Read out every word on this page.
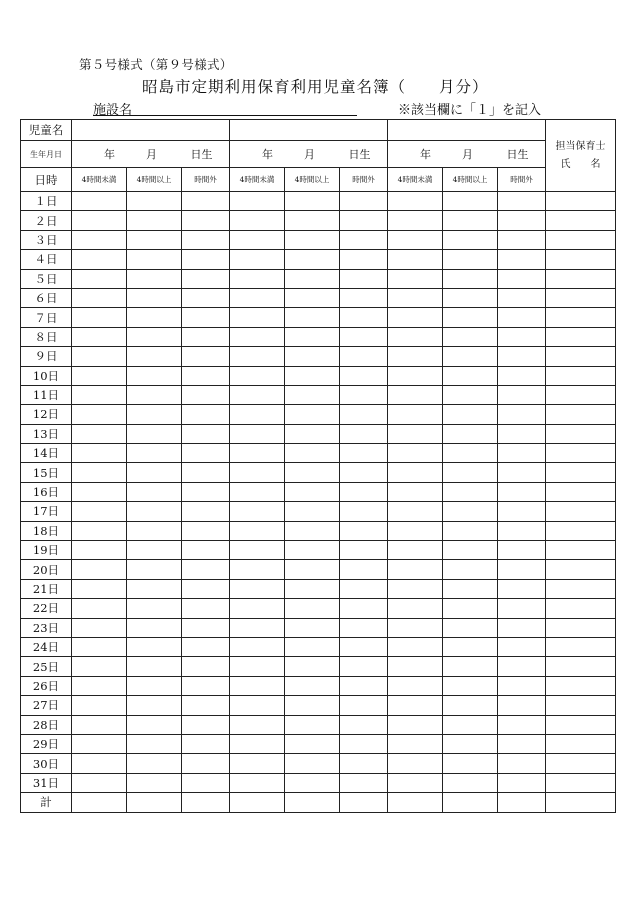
第５号様式（第９号様式）
昭島市定期利用保育利用児童名簿（　　月分）
施設名	※該当欄に「１」を記入
児童名										担当保育士
氏　　名

生年月日	年 月 日生			年 月 日生			年 月 日生			
日時	4時間未満	4時間以上	時間外	4時間未満	4時間以上	時間外	4時間未満	4時間以上	時間外	
１日										
２日										
３日										
４日										
５日										
６日										
７日										
８日										
９日										
10日										
11日										
12日										
13日										
14日										
15日										
16日										
17日										
18日										
19日										
20日										
21日										
22日										
23日										
24日										
25日										
26日										
27日										
28日										
29日										
30日										
31日										
計										
